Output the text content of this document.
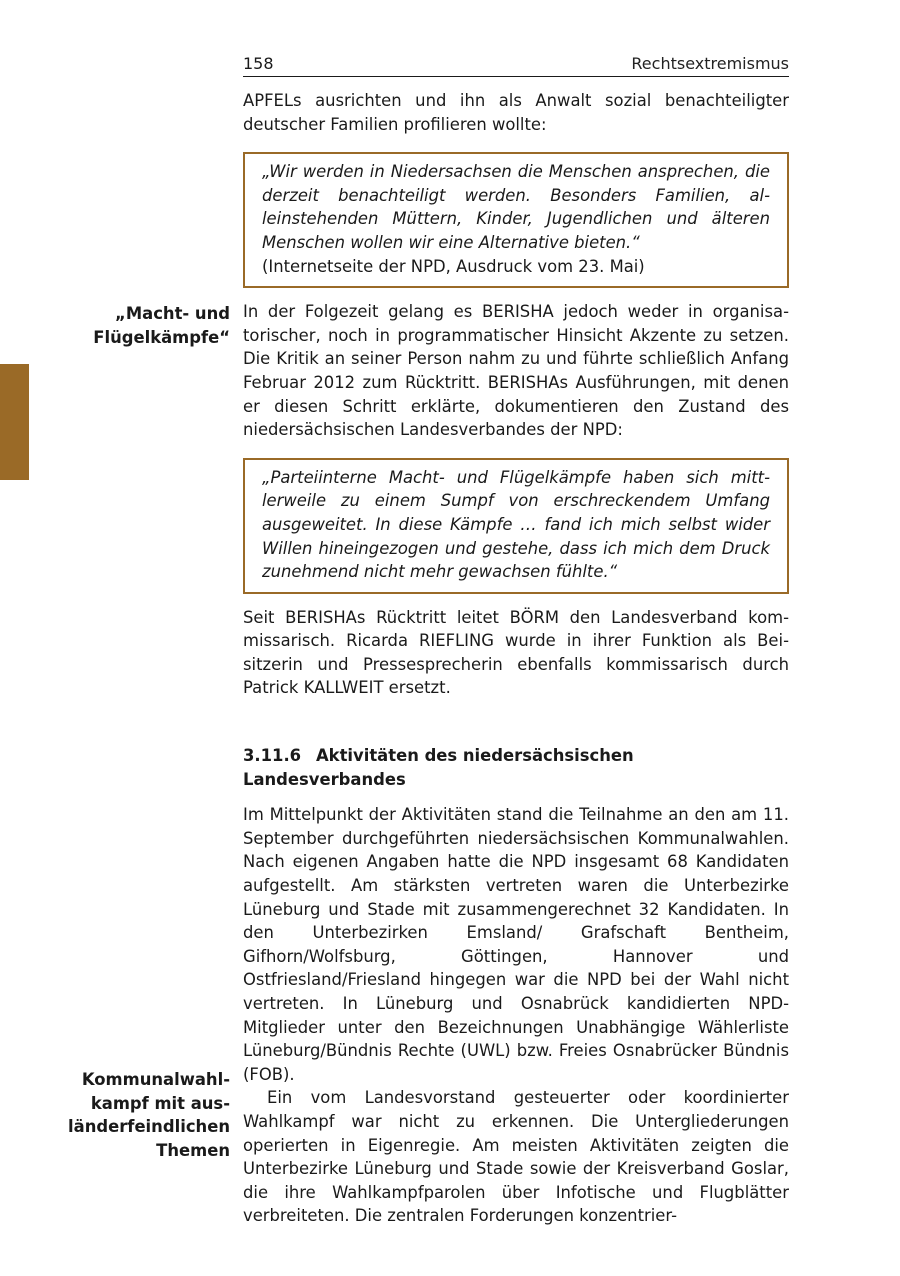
158	Rechtsextremismus
„Macht- und
Flügelkämpfe“
Kommunalwahl-
kampf mit aus-
länderfeindlichen
Themen

APFELs ausrichten und ihn als Anwalt sozial benachteiligter deutscher Familien profilieren wollte:

„Wir werden in Niedersachsen die Menschen ansprechen, die derzeit benachteiligt werden. Besonders Familien, alleinstehenden Müttern, Kinder, Jugendlichen und älteren Menschen wollen wir eine Alternative bieten.“

(Internetseite der NPD, Ausdruck vom 23. Mai)

In der Folgezeit gelang es BERISHA jedoch weder in organisatorischer, noch in programmatischer Hinsicht Akzente zu setzen. Die Kritik an seiner Person nahm zu und führte schließlich Anfang Februar 2012 zum Rücktritt. BERISHAs Ausführungen, mit denen er diesen Schritt erklärte, dokumentieren den Zustand des niedersächsischen Landesverbandes der NPD:

„Parteiinterne Macht- und Flügelkämpfe haben sich mittlerweile zu einem Sumpf von erschreckendem Umfang ausgeweitet. In diese Kämpfe … fand ich mich selbst wider Willen hineingezogen und gestehe, dass ich mich dem Druck zunehmend nicht mehr gewachsen fühlte.“

Seit BERISHAs Rücktritt leitet BÖRM den Landesverband kommissarisch. Ricarda RIEFLING wurde in ihrer Funktion als Beisitzerin und Pressesprecherin ebenfalls kommissarisch durch Patrick KALLWEIT ersetzt.

3.11.6 Aktivitäten des niedersächsischen Landesverbandes

Im Mittelpunkt der Aktivitäten stand die Teilnahme an den am 11. September durchgeführten niedersächsischen Kommunalwahlen. Nach eigenen Angaben hatte die NPD insgesamt 68 Kandidaten aufgestellt. Am stärksten vertreten waren die Unterbezirke Lüneburg und Stade mit zusammengerechnet 32 Kandidaten. In den Unterbezirken Emsland/ Grafschaft Bentheim, Gifhorn/Wolfsburg, Göttingen, Hannover und Ostfriesland/Friesland hingegen war die NPD bei der Wahl nicht vertreten. In Lüneburg und Osnabrück kandidierten NPD-Mitglieder unter den Bezeichnungen Unabhängige Wählerliste Lüneburg/Bündnis Rechte (UWL) bzw. Freies Osnabrücker Bündnis (FOB).

Ein vom Landesvorstand gesteuerter oder koordinierter Wahlkampf war nicht zu erkennen. Die Untergliederungen operierten in Eigenregie. Am meisten Aktivitäten zeigten die Unterbezirke Lüneburg und Stade sowie der Kreisverband Goslar, die ihre Wahlkampfparolen über Infotische und Flugblätter verbreiteten. Die zentralen Forderungen konzentrier-
